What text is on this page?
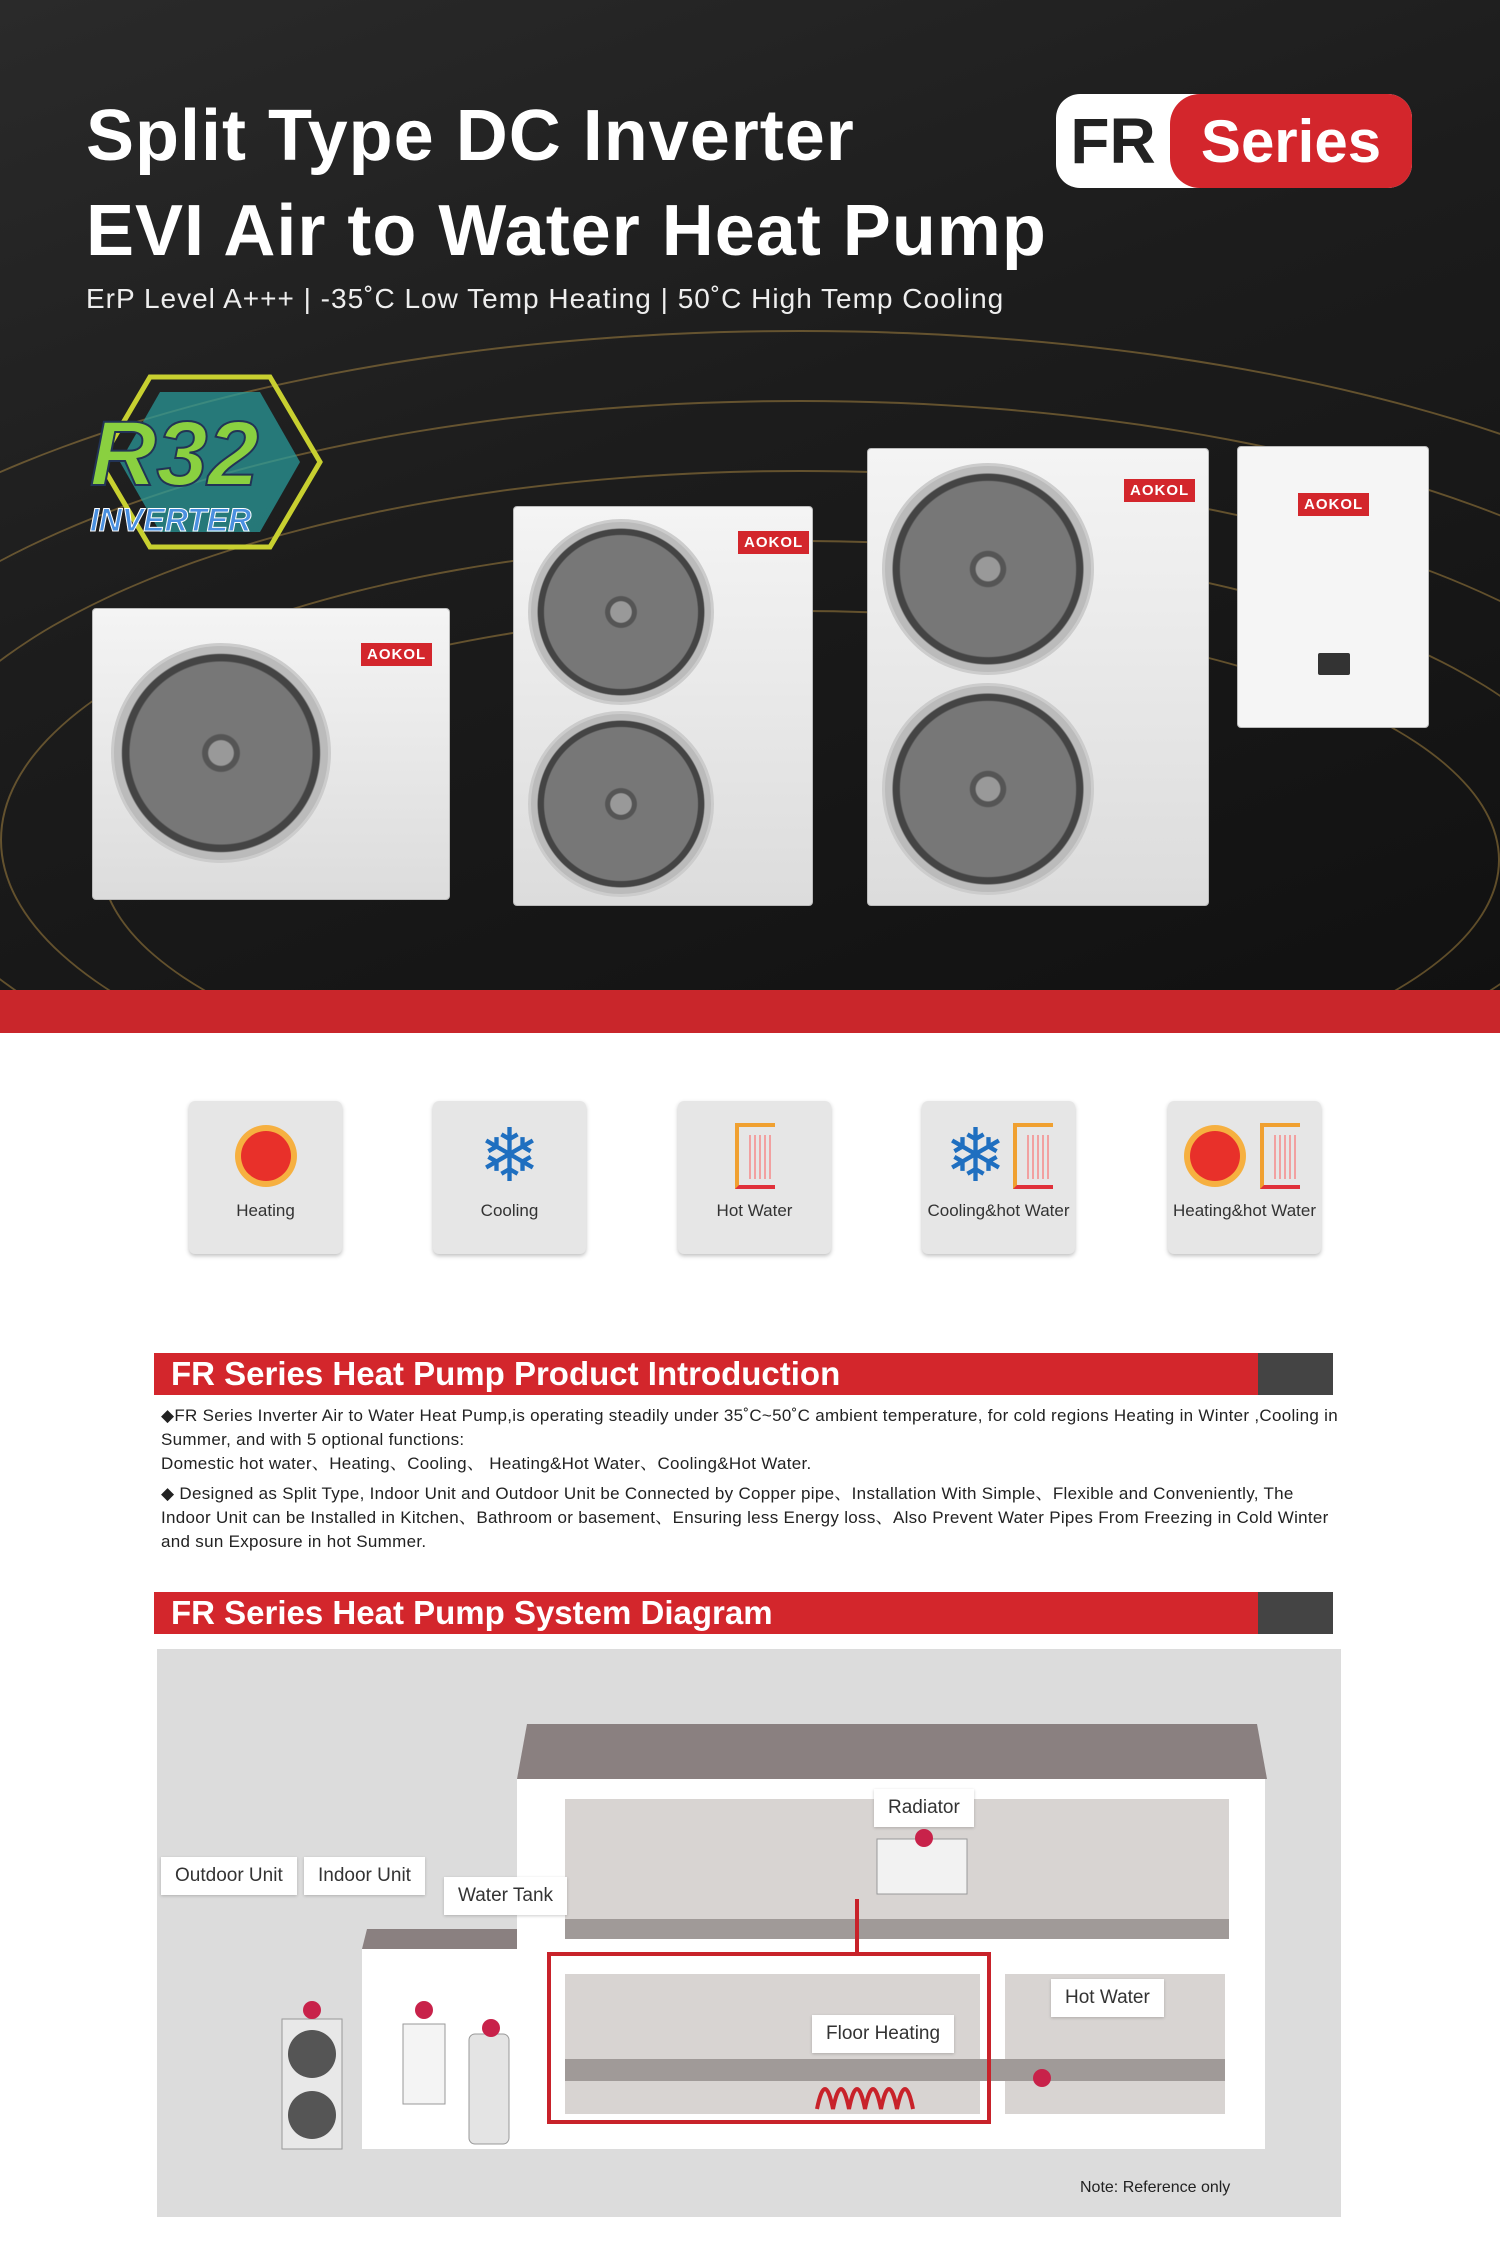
Split Type DC Inverter
EVI Air to Water Heat Pump
ErP Level A+++ | -35˚C Low Temp Heating | 50˚C High Temp Cooling
FR Series
R32
INVERTER
AOKOL
AOKOL
AOKOL
AOKOL
Heating
❄
Cooling	Hot Water
❄
Cooling&hot Water	Heating&hot Water
FR Series Heat Pump Product Introduction

◆FR Series Inverter Air to Water Heat Pump,is operating steadily under 35˚C~50˚C ambient temperature, for cold regions Heating in Winter ,Cooling in Summer, and with 5 optional functions:
Domestic hot water、Heating、Cooling、 Heating&Hot Water、Cooling&Hot Water.

◆ Designed as Split Type, Indoor Unit and Outdoor Unit be Connected by Copper pipe、Installation With Simple、Flexible and Conveniently, The Indoor Unit can be Installed in Kitchen、Bathroom or basement、Ensuring less Energy loss、Also Prevent Water Pipes From Freezing in Cold Winter and sun Exposure in hot Summer.

FR Series Heat Pump System Diagram
Outdoor Unit	Indoor Unit
Water Tank
Radiator
Floor Heating
Hot Water
Note: Reference only
